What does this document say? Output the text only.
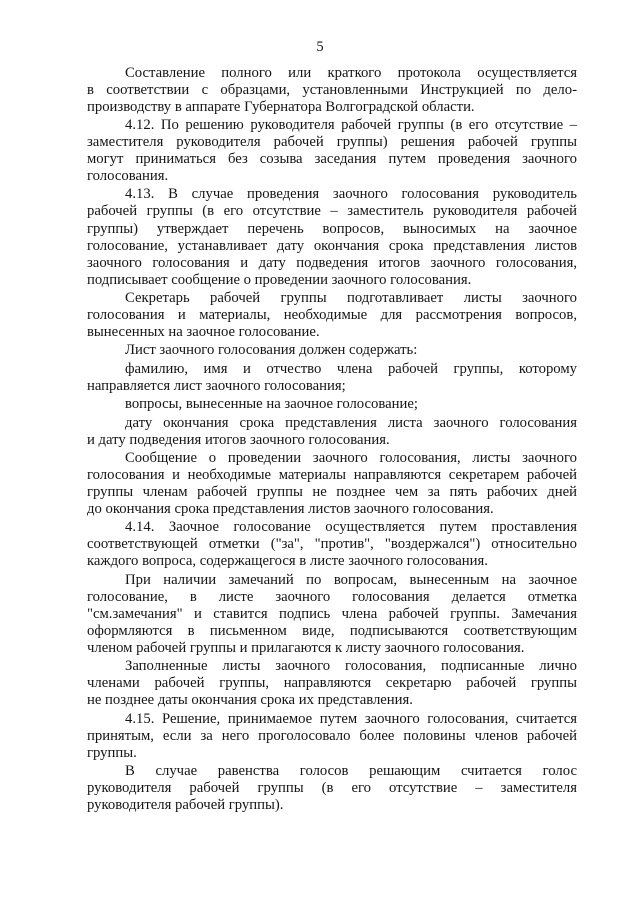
5
Составление полного или краткого протокола осуществляется
в соответствии с образцами, установленными Инструкцией по дело-
производству в аппарате Губернатора Волгоградской области.
4.12. По решению руководителя рабочей группы (в его отсутствие –
заместителя руководителя рабочей группы) решения рабочей группы
могут приниматься без созыва заседания путем проведения заочного
голосования.
4.13. В случае проведения заочного голосования руководитель
рабочей группы (в его отсутствие – заместитель руководителя рабочей
группы) утверждает перечень вопросов, выносимых на заочное
голосование, устанавливает дату окончания срока представления листов
заочного голосования и дату подведения итогов заочного голосования,
подписывает сообщение о проведении заочного голосования.
Секретарь рабочей группы подготавливает листы заочного
голосования и материалы, необходимые для рассмотрения вопросов,
вынесенных на заочное голосование.
Лист заочного голосования должен содержать:
фамилию, имя и отчество члена рабочей группы, которому
направляется лист заочного голосования;
вопросы, вынесенные на заочное голосование;
дату окончания срока представления листа заочного голосования
и дату подведения итогов заочного голосования.
Сообщение о проведении заочного голосования, листы заочного
голосования и необходимые материалы направляются секретарем рабочей
группы членам рабочей группы не позднее чем за пять рабочих дней
до окончания срока представления листов заочного голосования.
4.14. Заочное голосование осуществляется путем проставления
соответствующей отметки ("за", "против", "воздержался") относительно
каждого вопроса, содержащегося в листе заочного голосования.
При наличии замечаний по вопросам, вынесенным на заочное
голосование, в листе заочного голосования делается отметка
"см.замечания" и ставится подпись члена рабочей группы. Замечания
оформляются в письменном виде, подписываются соответствующим
членом рабочей группы и прилагаются к листу заочного голосования.
Заполненные листы заочного голосования, подписанные лично
членами рабочей группы, направляются секретарю рабочей группы
не позднее даты окончания срока их представления.
4.15. Решение, принимаемое путем заочного голосования, считается
принятым, если за него проголосовало более половины членов рабочей
группы.
В случае равенства голосов решающим считается голос
руководителя рабочей группы (в его отсутствие – заместителя
руководителя рабочей группы).
